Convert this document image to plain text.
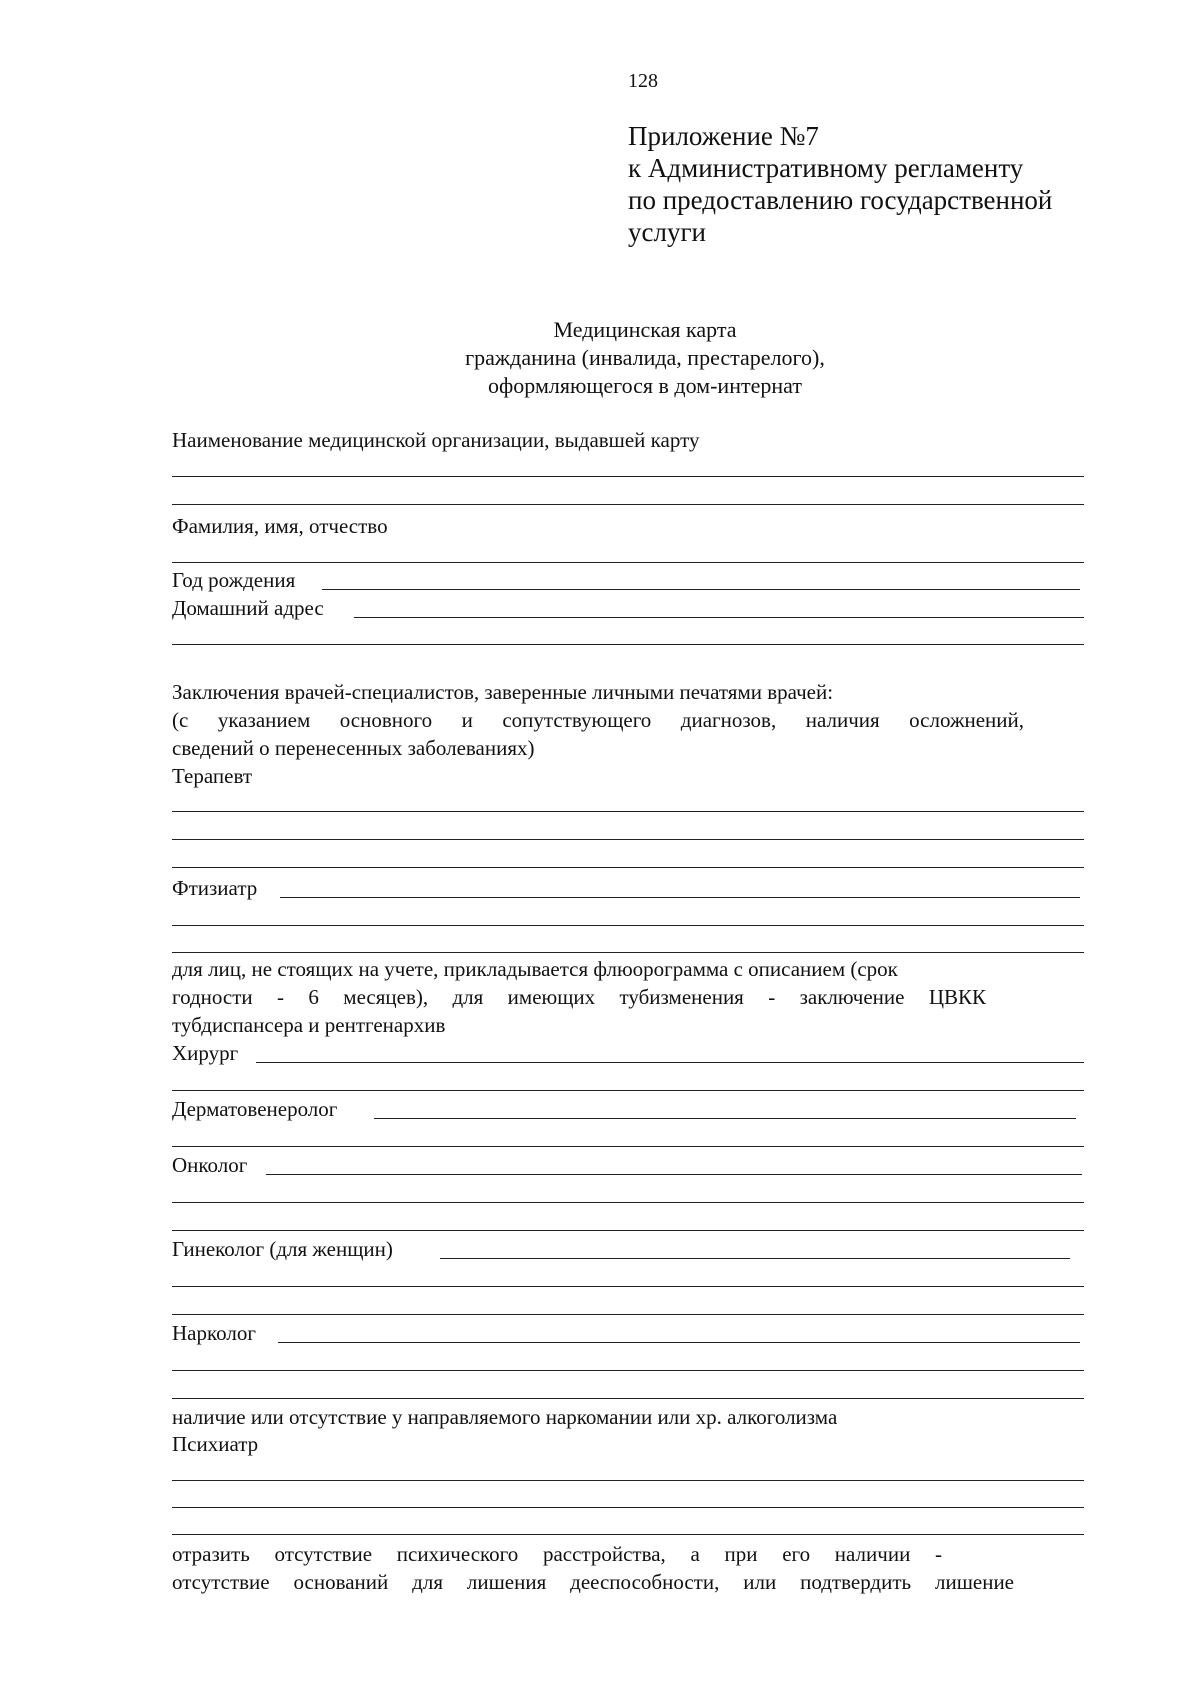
128
Приложение №7
к Административному регламенту
по предоставлению государственной
услуги
Медицинская карта
гражданина (инвалида, престарелого),
оформляющегося в дом-интернат
Наименование медицинской организации, выдавшей карту
Фамилия, имя, отчество
Год рождения
Домашний адрес
Заключения врачей-специалистов, заверенные личными печатями врачей:
(с указанием основного и сопутствующего диагнозов, наличия осложнений,
сведений о перенесенных заболеваниях)
Терапевт
Фтизиатр
для лиц, не стоящих на учете, прикладывается флюорограмма с описанием (срок
годности - 6 месяцев), для имеющих тубизменения - заключение ЦВКК
тубдиспансера и рентгенархив
Хирург
Дерматовенеролог
Онколог
Гинеколог (для женщин)
Нарколог
наличие или отсутствие у направляемого наркомании или хр. алкоголизма
Психиатр
отразить отсутствие психического расстройства, а при его наличии -
отсутствие оснований для лишения дееспособности, или подтвердить лишение
